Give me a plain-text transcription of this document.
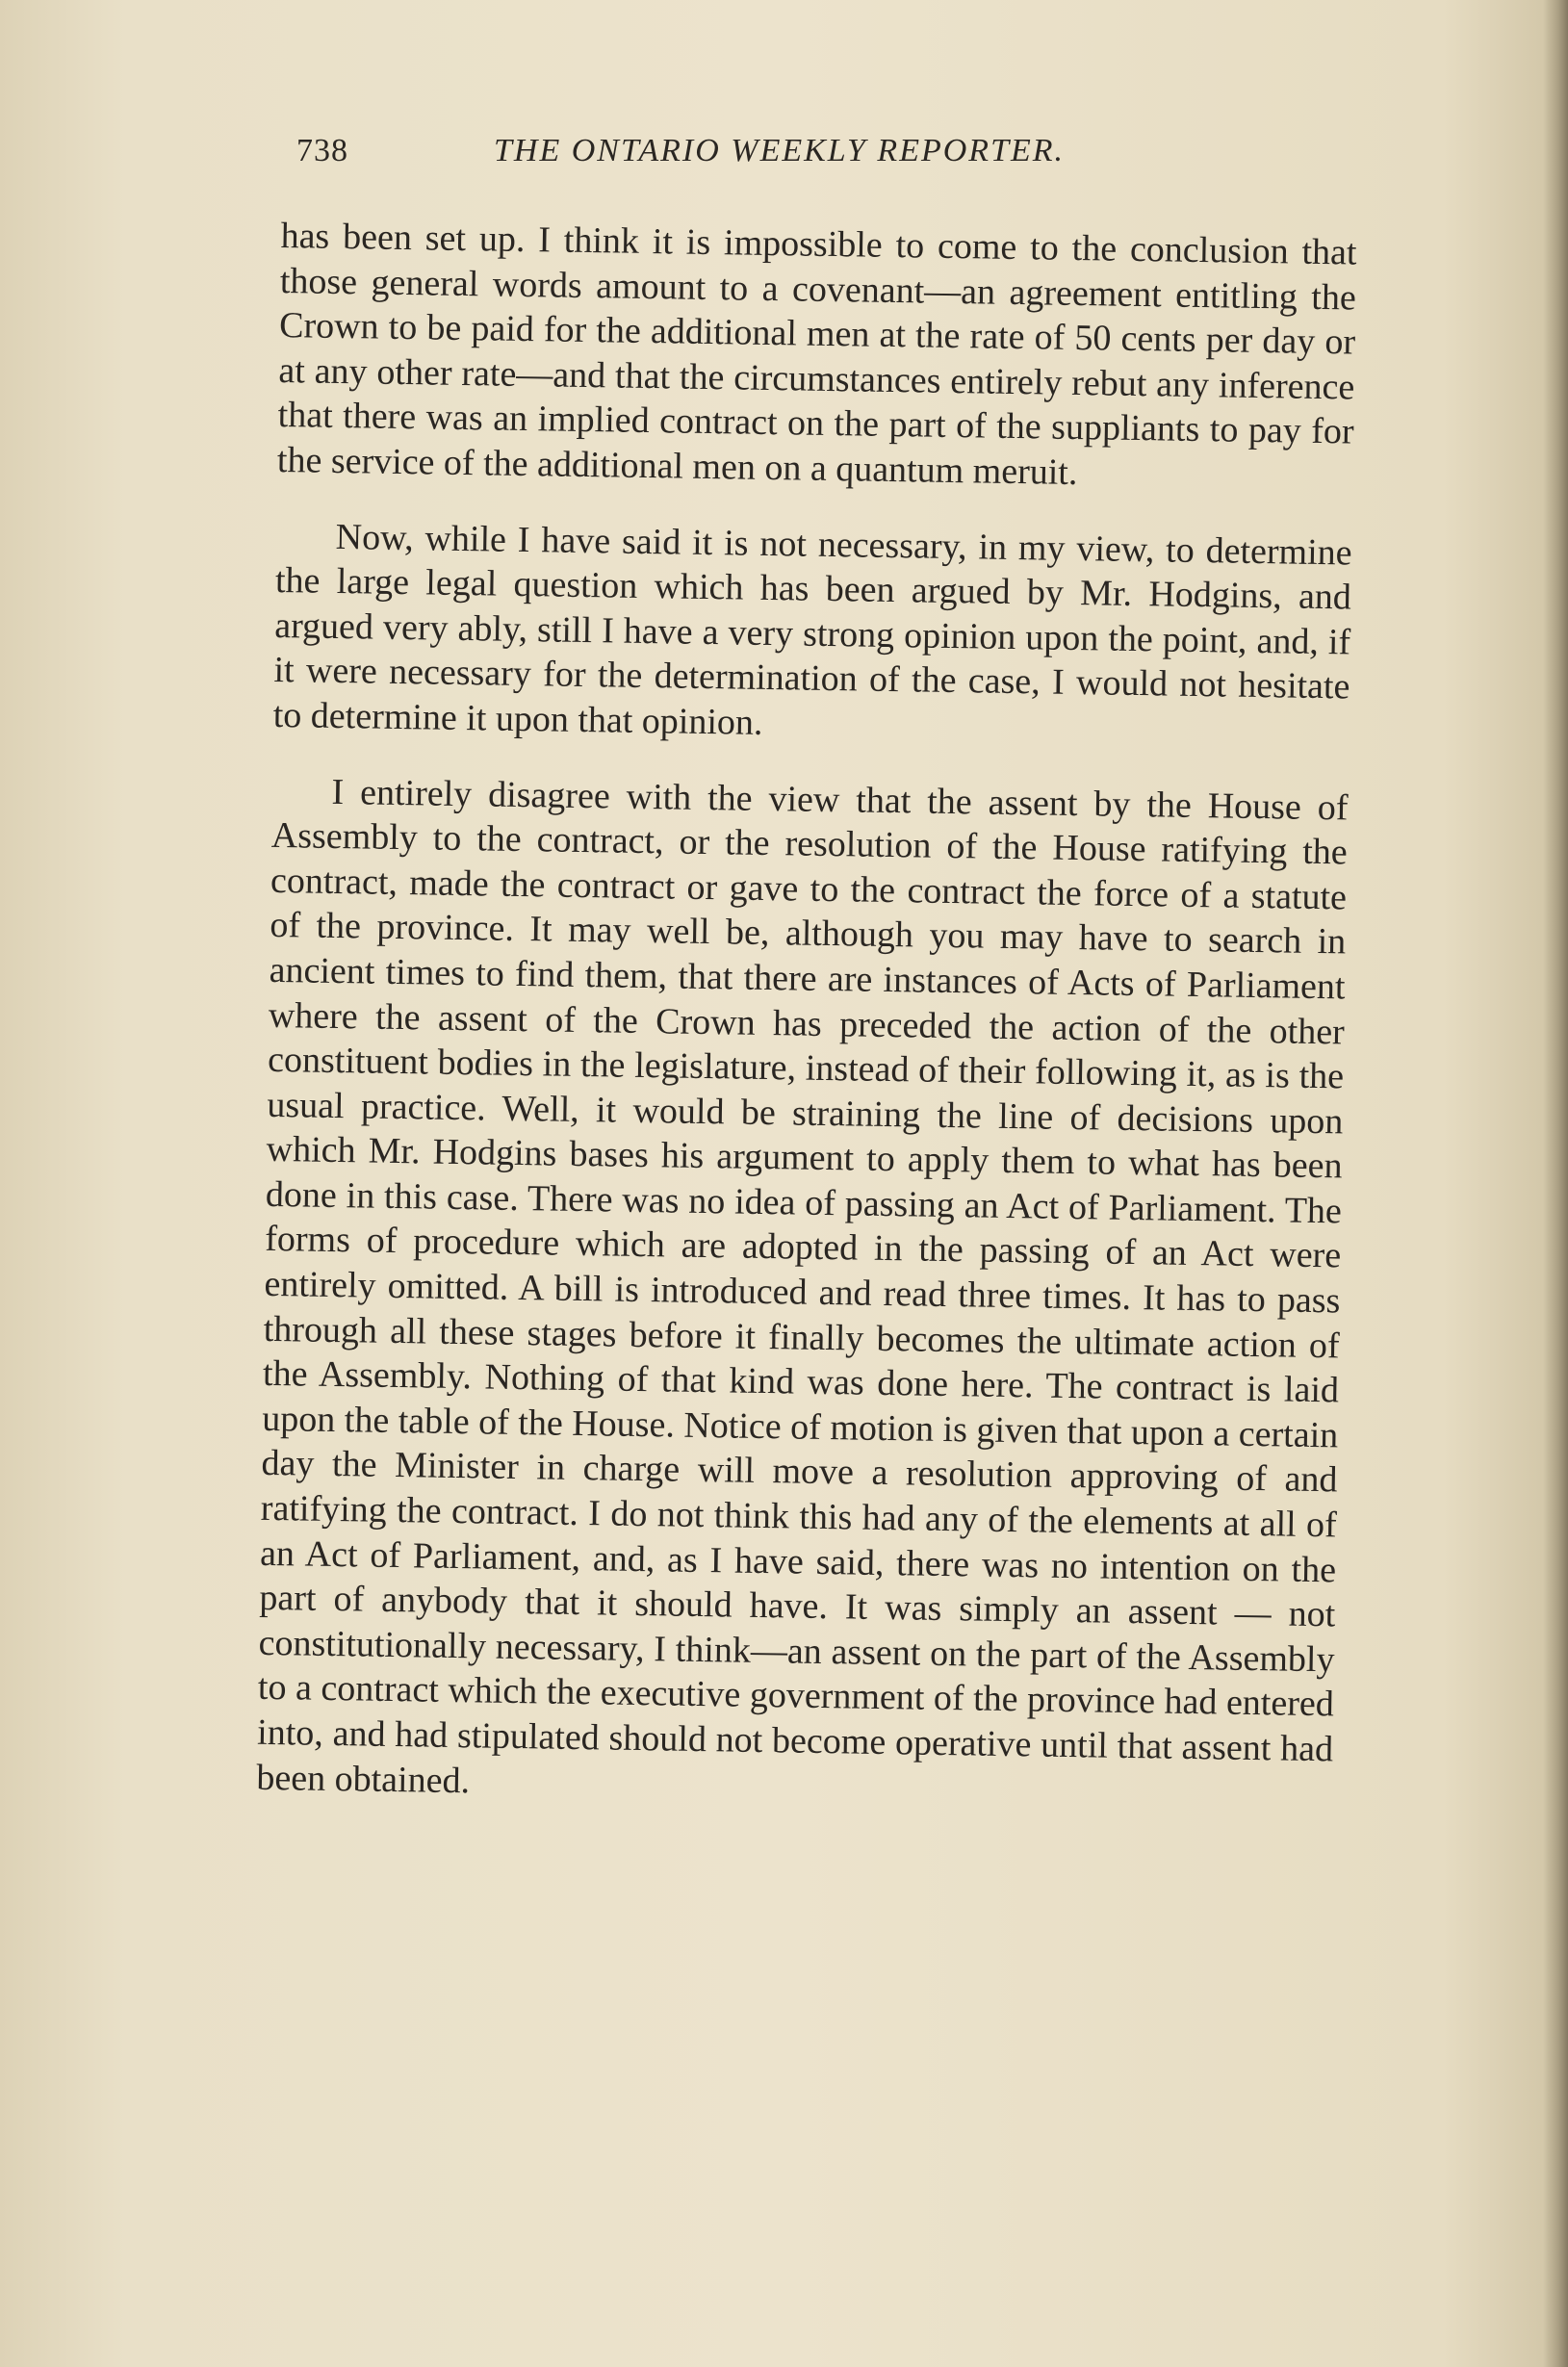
738	THE ONTARIO WEEKLY REPORTER.

has been set up. I think it is impossible to come to the conclusion that those general words amount to a covenant—an agreement entitling the Crown to be paid for the additional men at the rate of 50 cents per day or at any other rate—and that the circumstances entirely rebut any inference that there was an implied contract on the part of the suppliants to pay for the service of the additional men on a quantum meruit.

Now, while I have said it is not necessary, in my view, to determine the large legal question which has been argued by Mr. Hodgins, and argued very ably, still I have a very strong opinion upon the point, and, if it were necessary for the determination of the case, I would not hesitate to determine it upon that opinion.

I entirely disagree with the view that the assent by the House of Assembly to the contract, or the resolution of the House ratifying the contract, made the contract or gave to the contract the force of a statute of the province. It may well be, although you may have to search in ancient times to find them, that there are instances of Acts of Parliament where the assent of the Crown has preceded the action of the other constituent bodies in the legislature, instead of their following it, as is the usual practice. Well, it would be straining the line of decisions upon which Mr. Hodgins bases his argument to apply them to what has been done in this case. There was no idea of passing an Act of Parliament. The forms of procedure which are adopted in the passing of an Act were entirely omitted. A bill is introduced and read three times. It has to pass through all these stages before it finally becomes the ultimate action of the Assembly. Nothing of that kind was done here. The contract is laid upon the table of the House. Notice of motion is given that upon a certain day the Minister in charge will move a resolution approving of and ratifying the contract. I do not think this had any of the elements at all of an Act of Parliament, and, as I have said, there was no intention on the part of anybody that it should have. It was simply an assent — not constitutionally necessary, I think—an assent on the part of the Assembly to a contract which the executive government of the province had entered into, and had stipulated should not become operative until that assent had been obtained.
